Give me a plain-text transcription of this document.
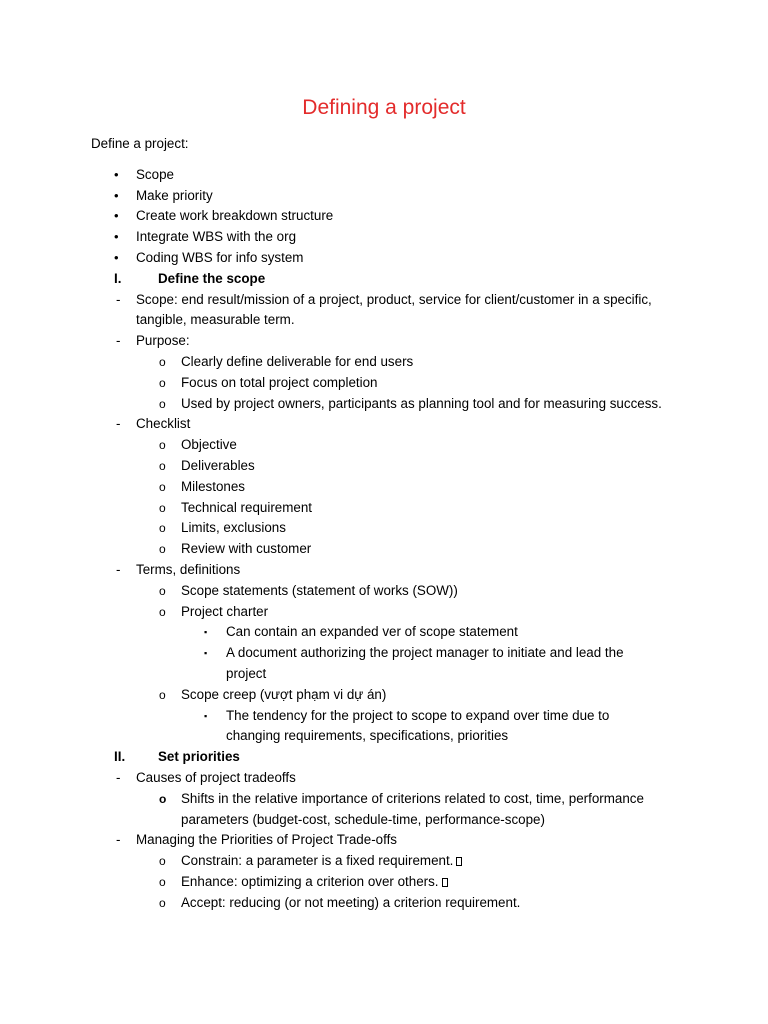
Defining a project
Define a project:
• Scope
• Make priority
• Create work breakdown structure
• Integrate WBS with the org
• Coding WBS for info system
I.	Define the scope
- Scope: end result/mission of a project, product, service for client/customer in a specific,
tangible, measurable term.
- Purpose:
o Clearly define deliverable for end users
o Focus on total project completion
o Used by project owners, participants as planning tool and for measuring success.
- Checklist
o Objective
o Deliverables
o Milestones
o Technical requirement
o Limits, exclusions
o Review with customer
- Terms, definitions
o Scope statements (statement of works (SOW))
o Project charter
▪ Can contain an expanded ver of scope statement
▪ A document authorizing the project manager to initiate and lead the
project
o Scope creep (vượt phạm vi dự án)
▪ The tendency for the project to scope to expand over time due to
changing requirements, specifications, priorities
II. Set priorities
- Causes of project tradeoffs
o Shifts in the relative importance of criterions related to cost, time, performance
parameters (budget-cost, schedule-time, performance-scope)
- Managing the Priorities of Project Trade-offs
o Constrain: a parameter is a fixed requirement.
o Enhance: optimizing a criterion over others.
o Accept: reducing (or not meeting) a criterion requirement.
